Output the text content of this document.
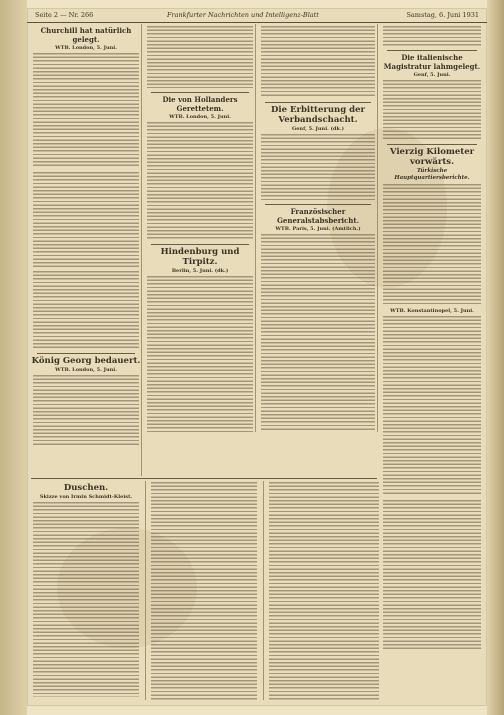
Seite 2 — Nr. 266	Frankfurter Nachrichten und Intelligenz-Blatt	Samstag, 6. Juni 1931
Churchill hat natürlich gelegt.
WTB. London, 5. Juni.
König Georg bedauert.
WTB. London, 5. Juni.
Die von Hollanders Gerettetem.
WTB. London, 5. Juni.
Hindenburg und Tirpitz.
Berlin, 5. Juni. (dk.)
Die Erbitterung der Verbandschacht.
Genf, 5. Juni. (dk.)
Französischer Generalstabsbericht.
WTB. Paris, 5. Juni. (Amtlich.)
Die italienische Magistratur lahmgelegt.
Genf, 5. Juni.
Vierzig Kilometer vorwärts.
Türkische Hauptquartiersberichte.
WTB. Konstantinopel, 5. Juni.
Duschen.
Skizze von Irmin Schmidt-Kleist.
